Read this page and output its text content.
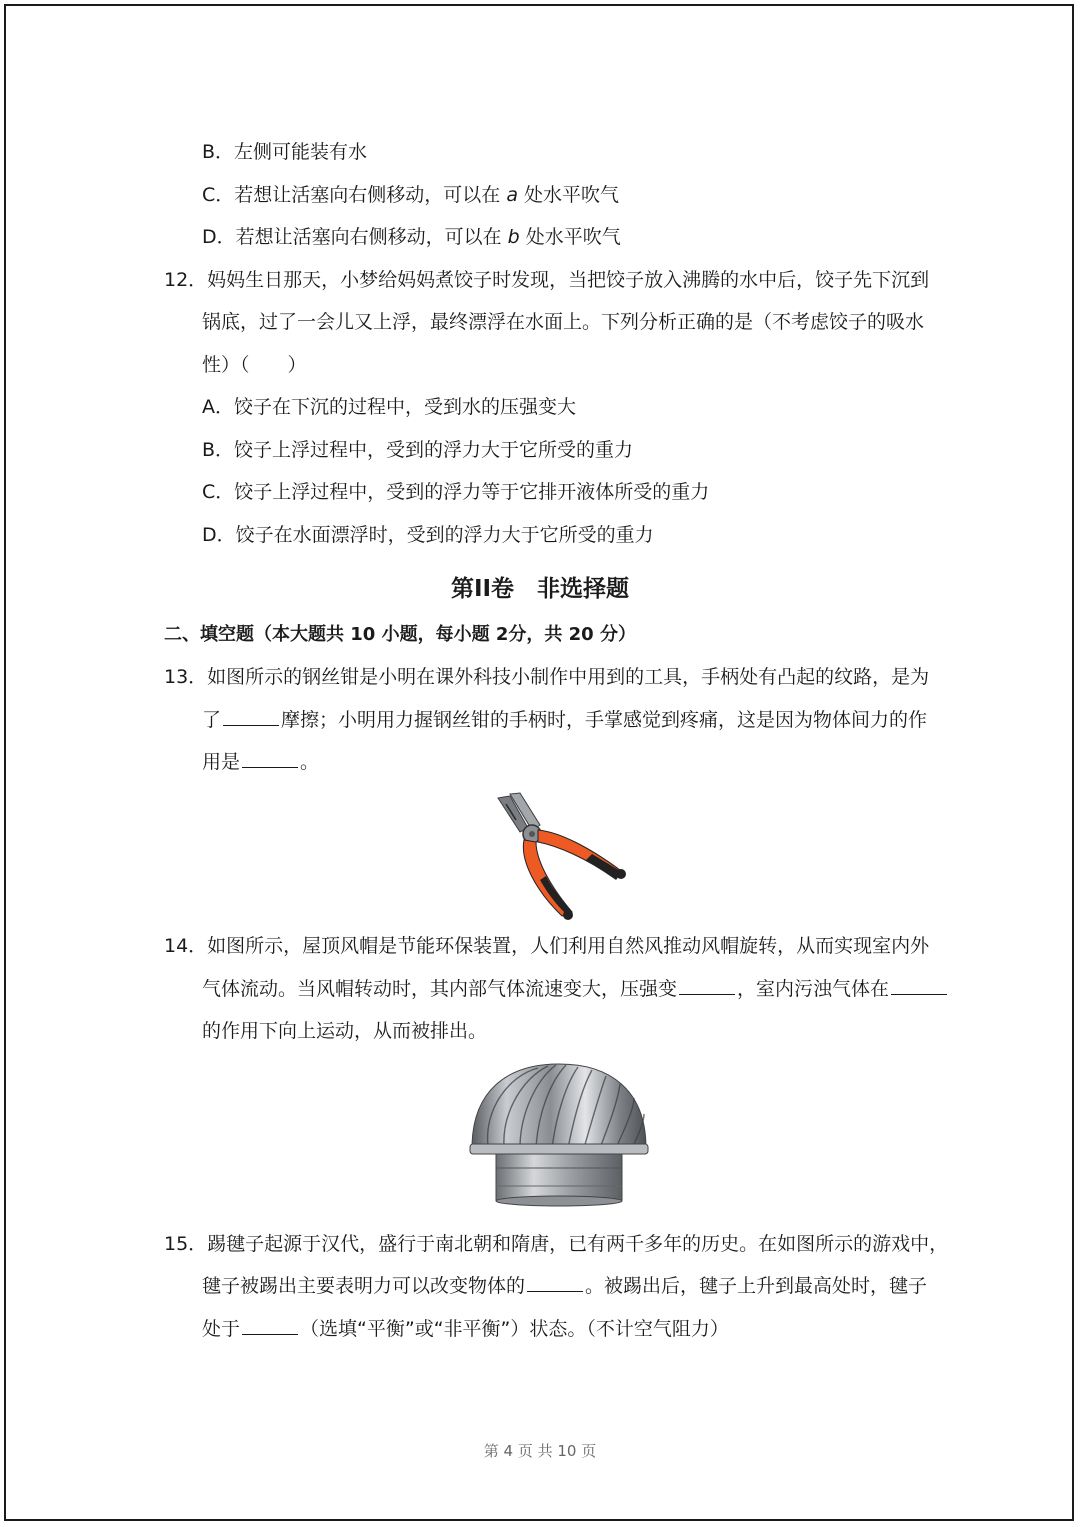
B．左侧可能装有水
C．若想让活塞向右侧移动，可以在 a 处水平吹气
D．若想让活塞向右侧移动，可以在 b 处水平吹气
12．妈妈生日那天，小梦给妈妈煮饺子时发现，当把饺子放入沸腾的水中后，饺子先下沉到
锅底，过了一会儿又上浮，最终漂浮在水面上。下列分析正确的是（不考虑饺子的吸水
性）（　　）
A．饺子在下沉的过程中，受到水的压强变大
B．饺子上浮过程中，受到的浮力大于它所受的重力
C．饺子上浮过程中，受到的浮力等于它排开液体所受的重力
D．饺子在水面漂浮时，受到的浮力大于它所受的重力
第II卷　非选择题
二、填空题（本大题共 10 小题，每小题 2分，共 20 分）
13．如图所示的钢丝钳是小明在课外科技小制作中用到的工具，手柄处有凸起的纹路，是为
了	摩擦；小明用力握钢丝钳的手柄时，手掌感觉到疼痛，这是因为物体间力的作
用是	。
14．如图所示，屋顶风帽是节能环保装置，人们利用自然风推动风帽旋转，从而实现室内外
气体流动。当风帽转动时，其内部气体流速变大，压强变	，室内污浊气体在
的作用下向上运动，从而被排出。
15．踢毽子起源于汉代，盛行于南北朝和隋唐，已有两千多年的历史。在如图所示的游戏中，
毽子被踢出主要表明力可以改变物体的	。被踢出后，毽子上升到最高处时，毽子
处于	（选填“平衡”或“非平衡”）状态。（不计空气阻力）
第 4 页 共 10 页
